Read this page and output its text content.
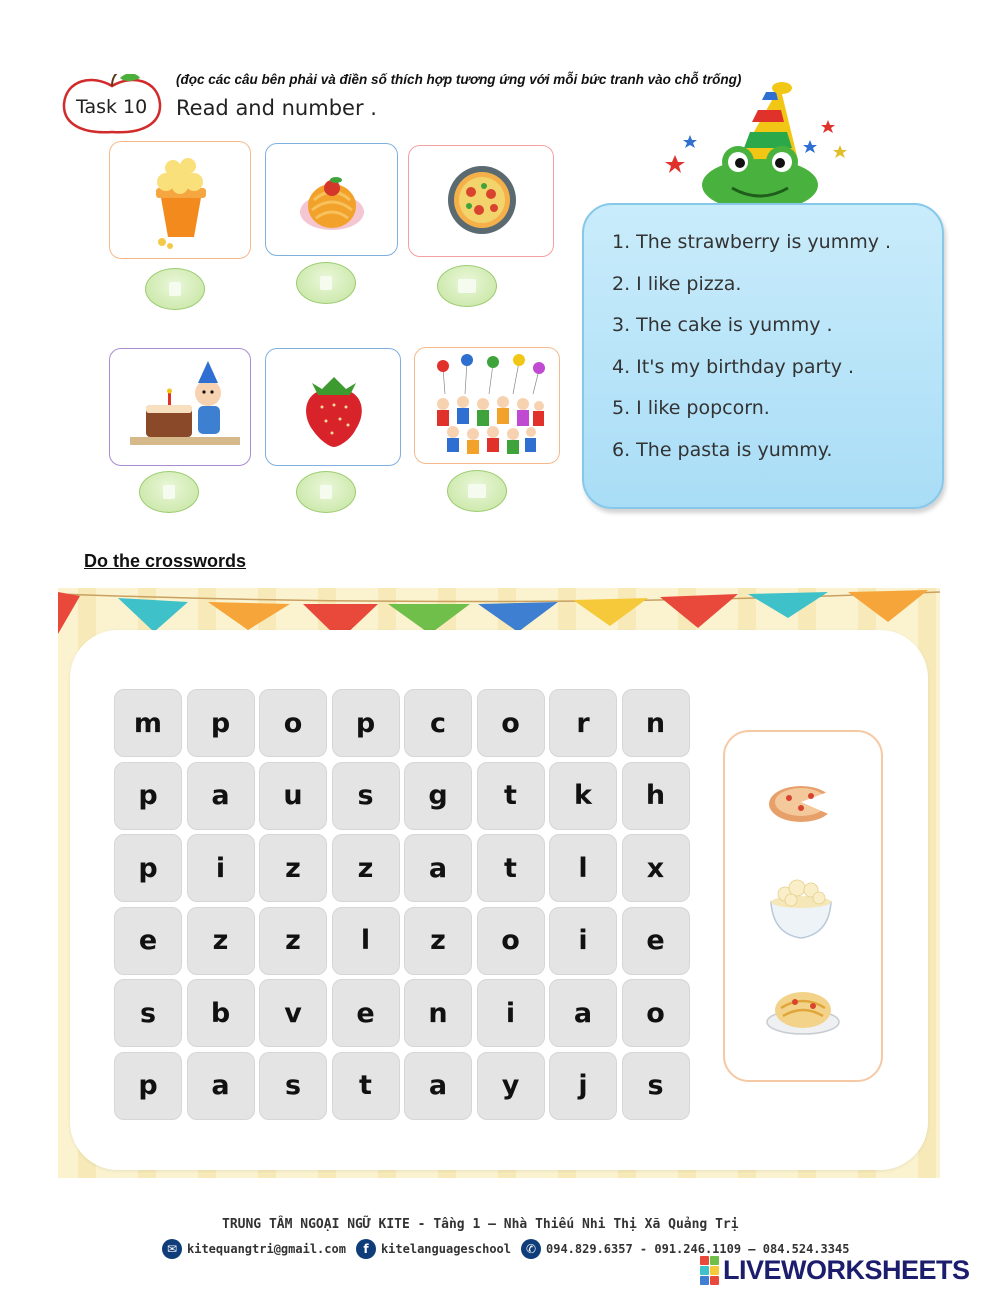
Task 10
(đọc các câu bên phải và điền số thích hợp tương ứng với mỗi bức tranh vào chỗ trống)
Read and number .
1. The strawberry is yummy .
2. I like pizza.
3. The cake is yummy .
4. It's my birthday party .
5. I like popcorn.
6. The pasta is yummy.
Do the crosswords
m	p	o	p	c	o	r	n
p	a	u	s	g	t	k	h
p	i	z	z	a	t	l	x
e	z	z	l	z	o	i	e
s	b	v	e	n	i	a	o
p	a	s	t	a	y	j	s
TRUNG TÂM NGOẠI NGỮ KITE - Tầng 1 – Nhà Thiếu Nhi Thị Xã Quảng Trị
✉ kitequangtri@gmail.com	f	kitelanguageschool	✆ 094.829.6357 - 091.246.1109 – 084.524.3345
LIVEWORKSHEETS
